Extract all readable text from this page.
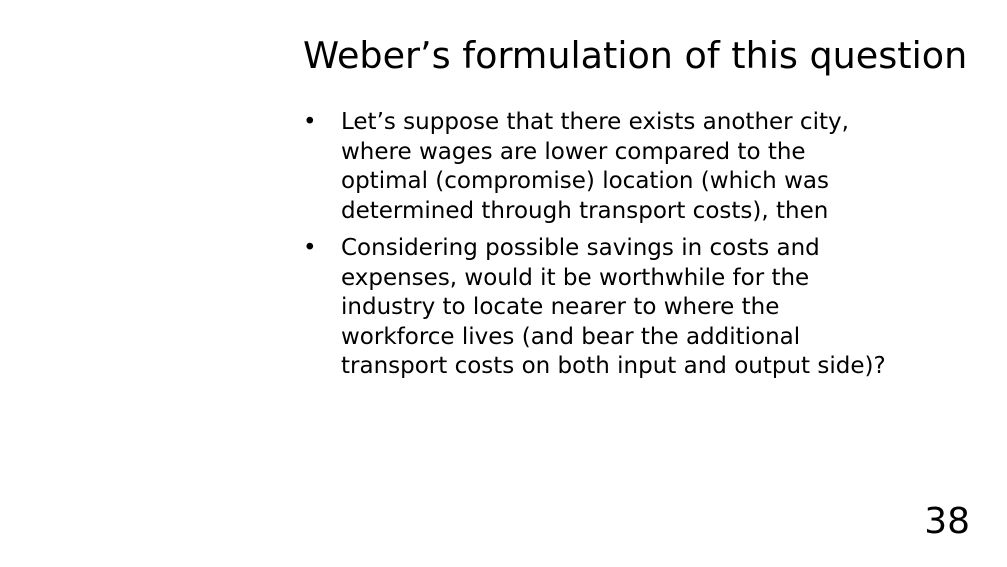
Weber’s formulation of this question
• Let’s suppose that there exists another city,
where wages are lower compared to the
optimal (compromise) location (which was
determined through transport costs), then
• Considering possible savings in costs and
expenses, would it be worthwhile for the
industry to locate nearer to where the
workforce lives (and bear the additional
transport costs on both input and output side)?
38
